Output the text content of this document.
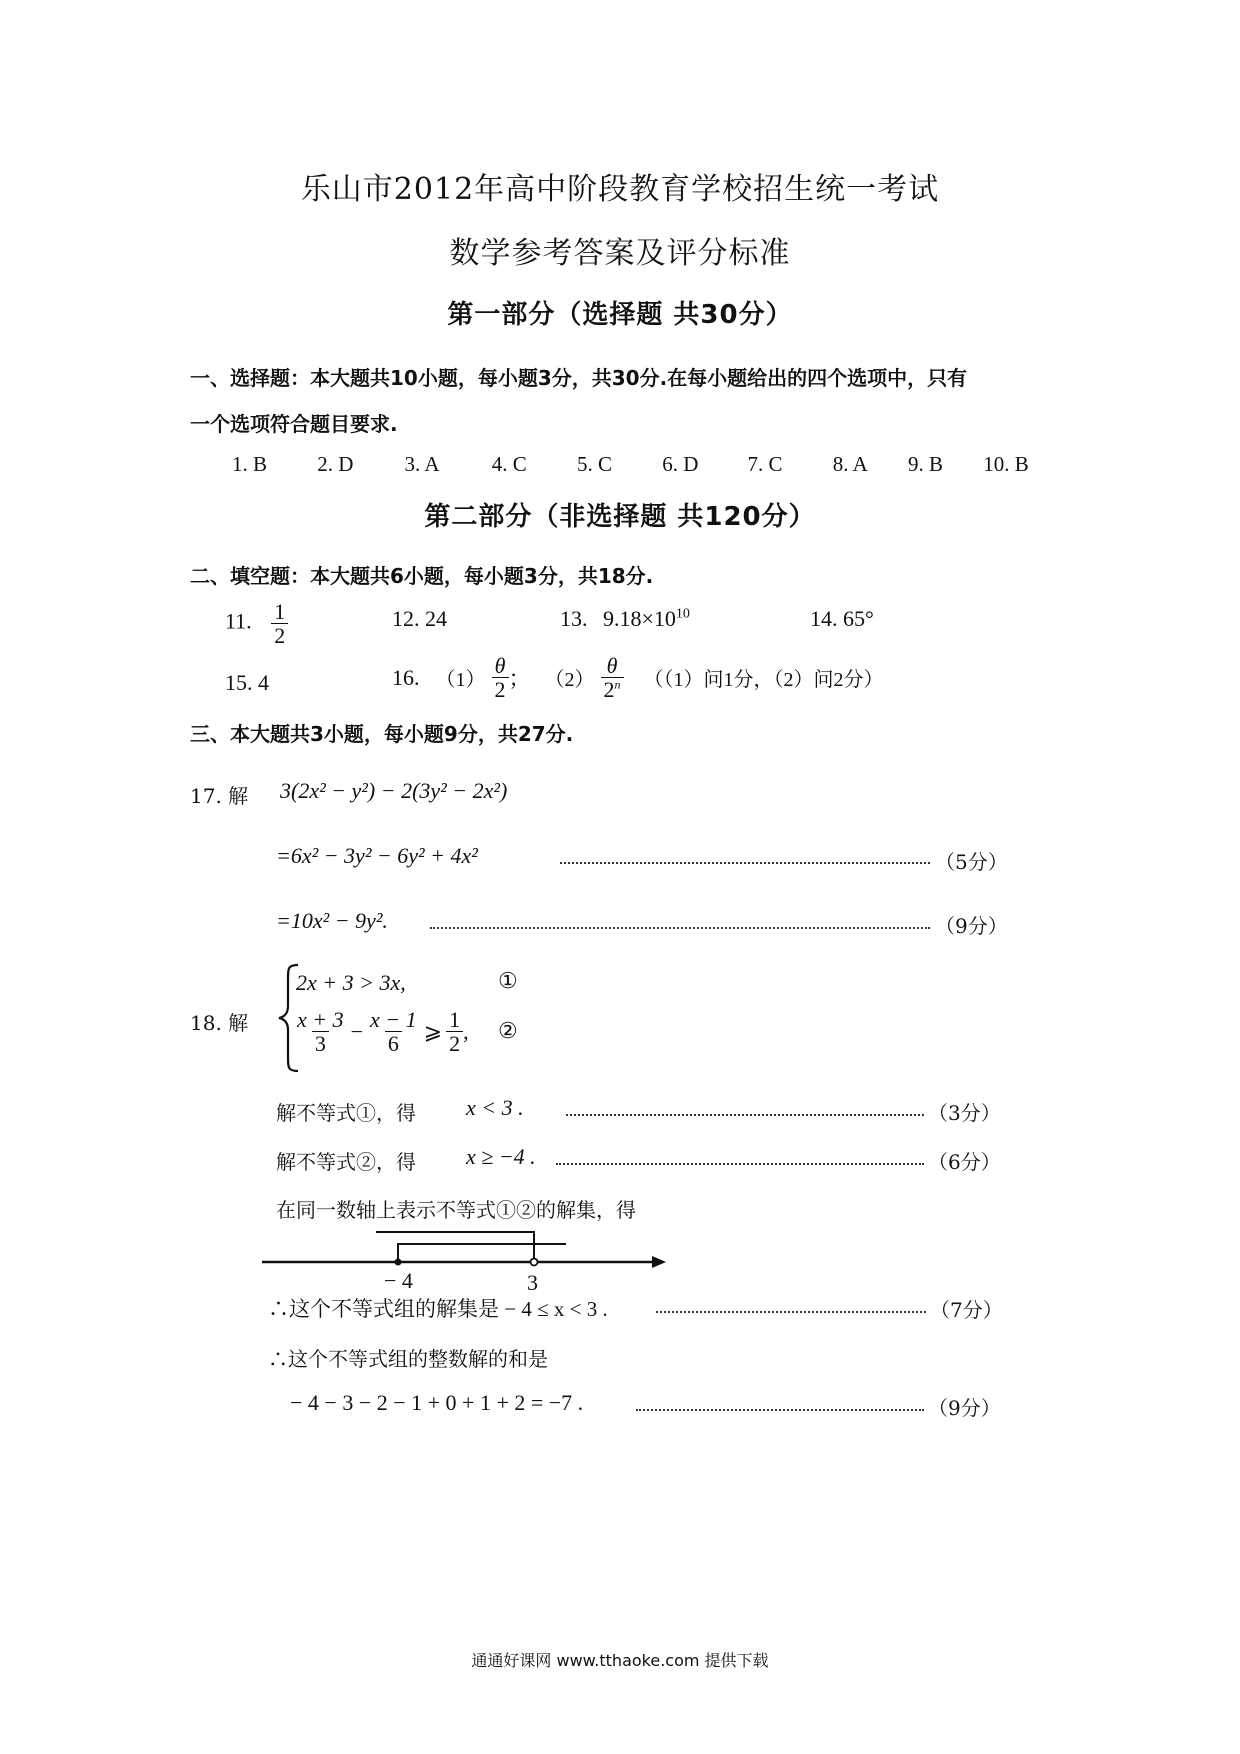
乐山市2012年高中阶段教育学校招生统一考试
数学参考答案及评分标准
第一部分（选择题 共30分）
一、选择题：本大题共10小题，每小题3分，共30分.在每小题给出的四个选项中，只有
一个选项符合题目要求.
1. B 2. D 3. A 4. C 5. C 6. D 7. C 8. A 9. B 10. B
第二部分（非选择题 共120分）
二、填空题：本大题共6小题，每小题3分，共18分.
11. $\frac{1}{2}$	12. 24	13. $9.18\times 10^{10}$	14. 65°
15. 4	16. $(1) \frac{\theta}{2}$ ； $(2) \frac{\theta}{2^n} ((1)$问1分，（2）问2分）
三、本大题共3小题，每小题9分，共27分.
17. 解 3(2x² − y²) − 2(3y² − 2x²)
=6x² − 3y² − 6y² + 4x²	（5分）
=10x² − 9y².	（9分）
18. 解
2x + 3 > 3x,	①
$\frac{x + 3}{3} - \frac{x - 1}{6}$ ⩾ $\frac{1}{2}$ , ②
解不等式①，得 x < 3 .	（3分）
解不等式②，得 x ≥ −4 .	（6分）
在同一数轴上表示不等式①②的解集，得
− 4	3
∴这个不等式组的解集是 − 4 ≤ x < 3 .	（7分）
∴这个不等式组的整数解的和是
− 4 − 3 − 2 − 1 + 0 + 1 + 2 = −7 .	（9分）
通通好课网 www.tthaoke.com 提供下载
